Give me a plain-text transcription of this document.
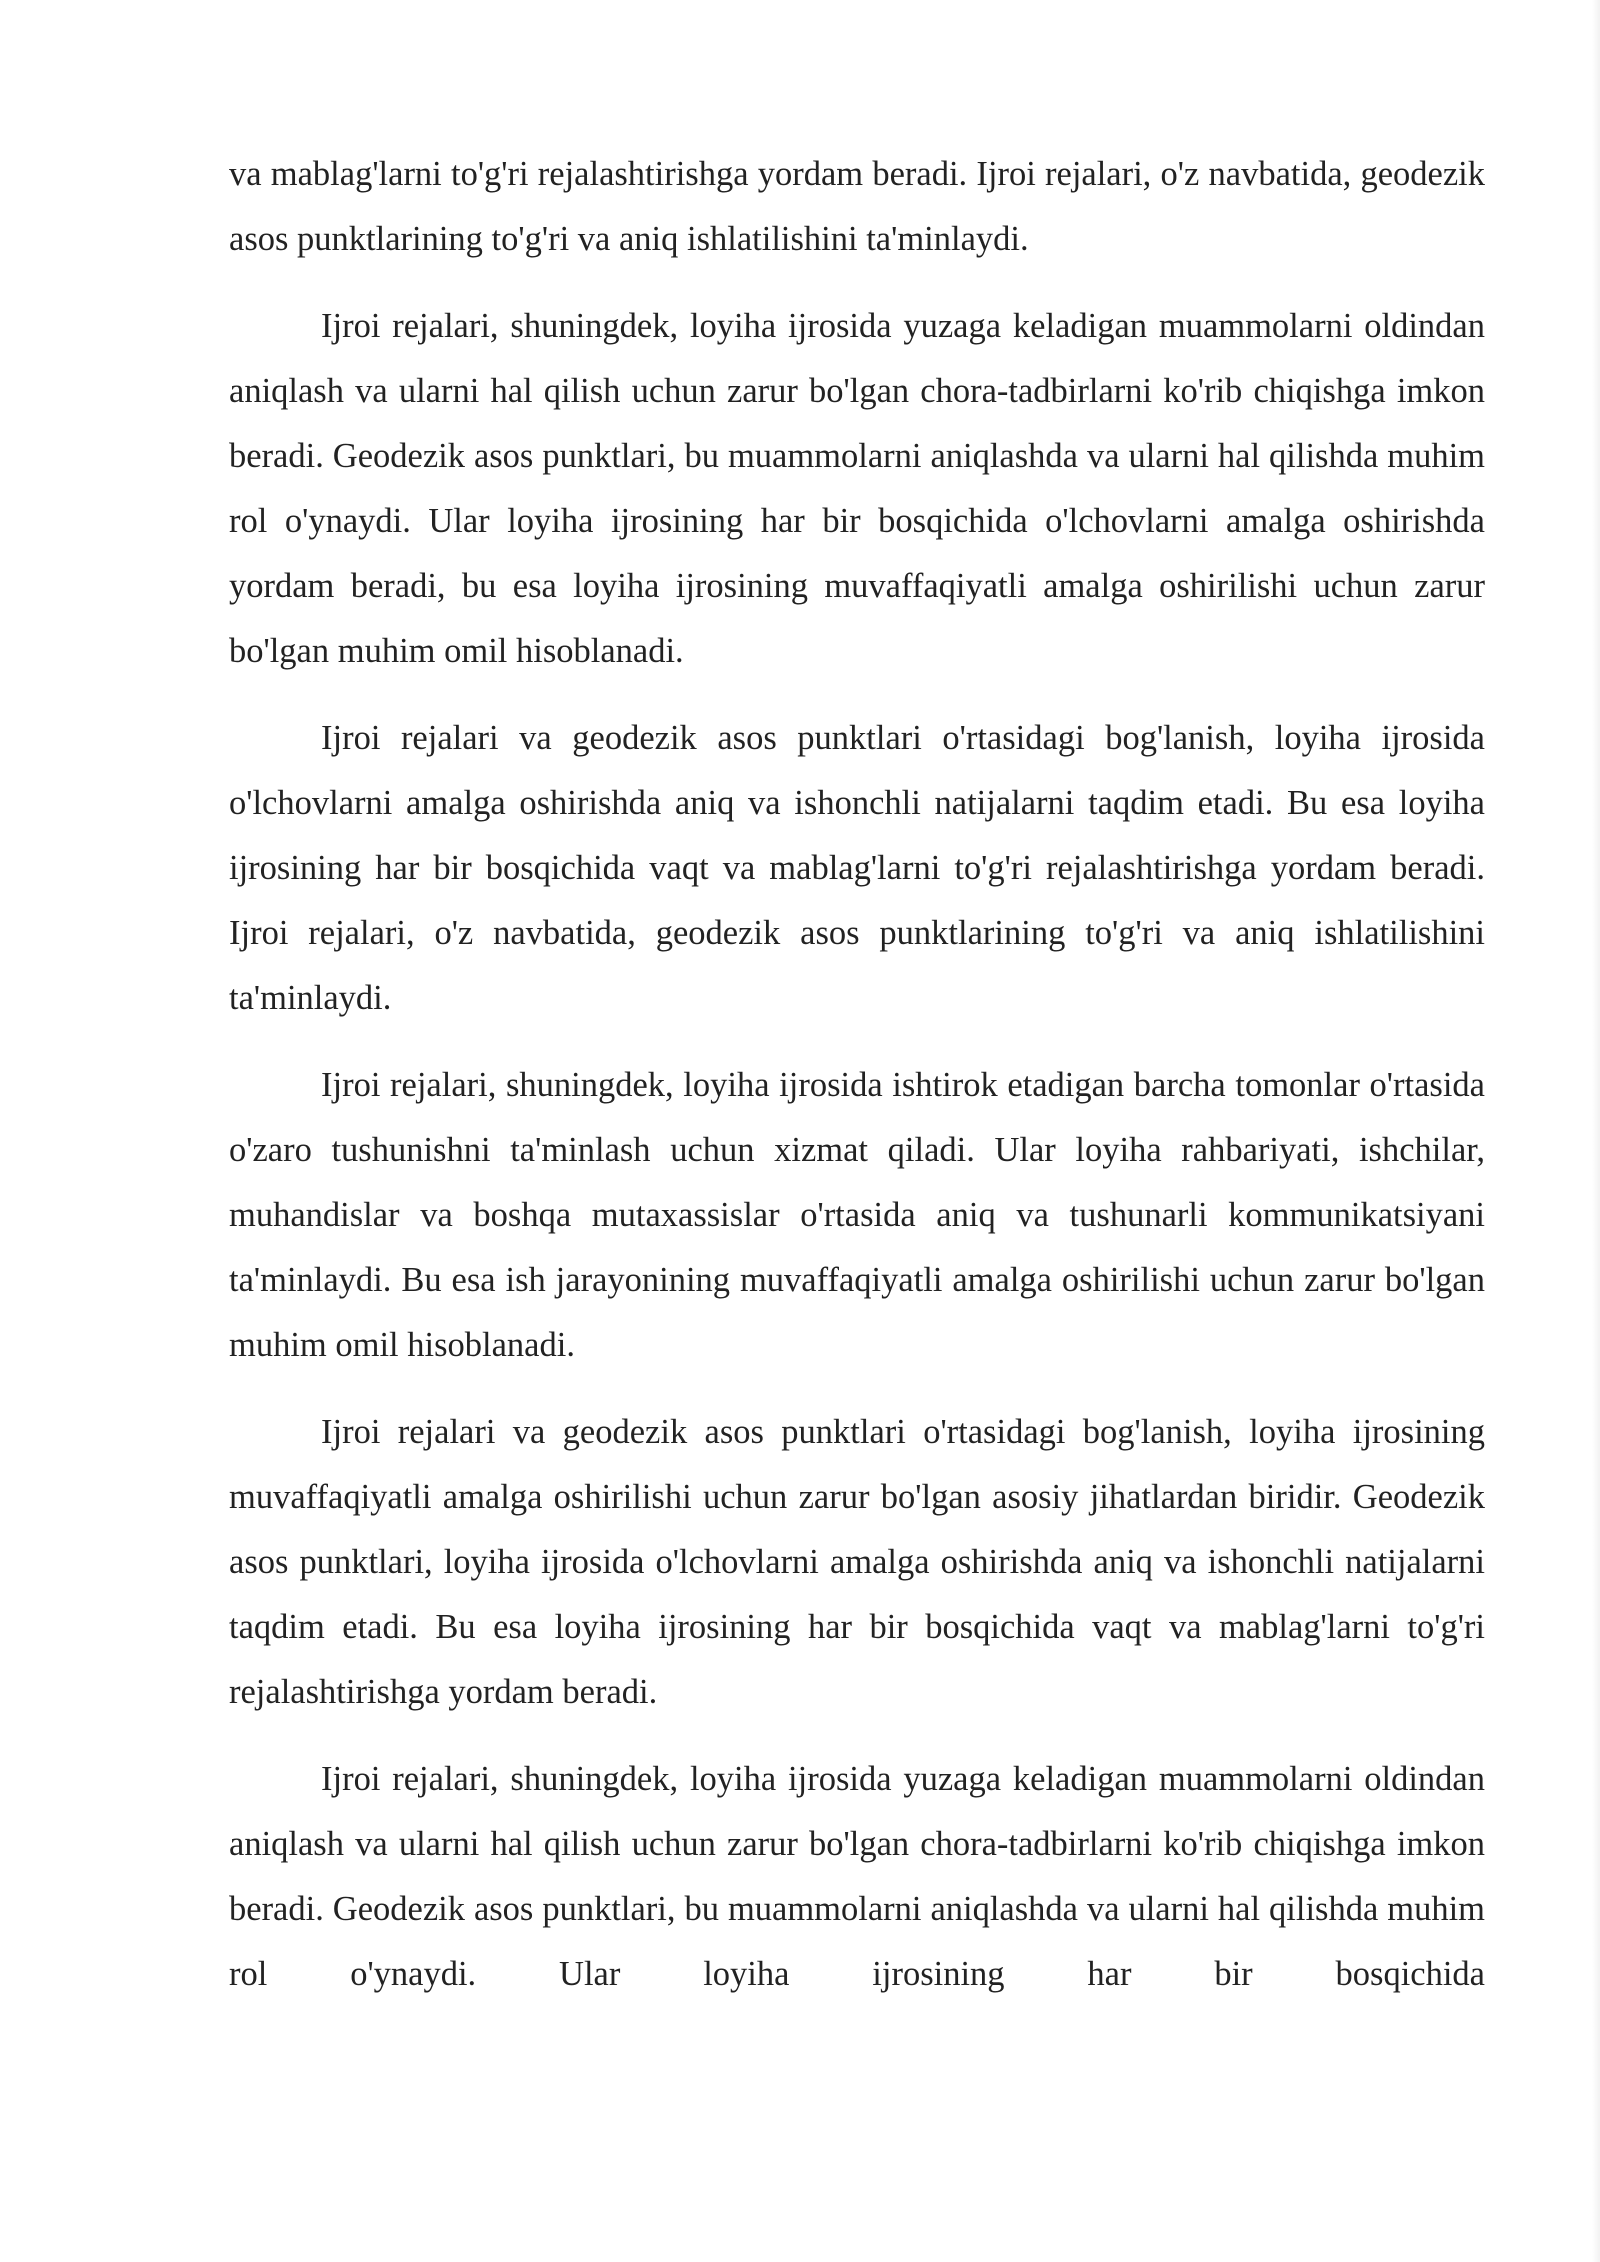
va mablag'larni to'g'ri rejalashtirishga yordam beradi. Ijroi rejalari, o'z navbatida, geodezik asos punktlarining to'g'ri va aniq ishlatilishini ta'minlaydi.

Ijroi rejalari, shuningdek, loyiha ijrosida yuzaga keladigan muammolarni oldindan aniqlash va ularni hal qilish uchun zarur bo'lgan chora-tadbirlarni ko'rib chiqishga imkon beradi. Geodezik asos punktlari, bu muammolarni aniqlashda va ularni hal qilishda muhim rol o'ynaydi. Ular loyiha ijrosining har bir bosqichida o'lchovlarni amalga oshirishda yordam beradi, bu esa loyiha ijrosining muvaffaqiyatli amalga oshirilishi uchun zarur bo'lgan muhim omil hisoblanadi.

Ijroi rejalari va geodezik asos punktlari o'rtasidagi bog'lanish, loyiha ijrosida o'lchovlarni amalga oshirishda aniq va ishonchli natijalarni taqdim etadi. Bu esa loyiha ijrosining har bir bosqichida vaqt va mablag'larni to'g'ri rejalashtirishga yordam beradi. Ijroi rejalari, o'z navbatida, geodezik asos punktlarining to'g'ri va aniq ishlatilishini ta'minlaydi.

Ijroi rejalari, shuningdek, loyiha ijrosida ishtirok etadigan barcha tomonlar o'rtasida o'zaro tushunishni ta'minlash uchun xizmat qiladi. Ular loyiha rahbariyati, ishchilar, muhandislar va boshqa mutaxassislar o'rtasida aniq va tushunarli kommunikatsiyani ta'minlaydi. Bu esa ish jarayonining muvaffaqiyatli amalga oshirilishi uchun zarur bo'lgan muhim omil hisoblanadi.

Ijroi rejalari va geodezik asos punktlari o'rtasidagi bog'lanish, loyiha ijrosining muvaffaqiyatli amalga oshirilishi uchun zarur bo'lgan asosiy jihatlardan biridir. Geodezik asos punktlari, loyiha ijrosida o'lchovlarni amalga oshirishda aniq va ishonchli natijalarni taqdim etadi. Bu esa loyiha ijrosining har bir bosqichida vaqt va mablag'larni to'g'ri rejalashtirishga yordam beradi.

Ijroi rejalari, shuningdek, loyiha ijrosida yuzaga keladigan muammolarni oldindan aniqlash va ularni hal qilish uchun zarur bo'lgan chora-tadbirlarni ko'rib chiqishga imkon beradi. Geodezik asos punktlari, bu muammolarni aniqlashda va ularni hal qilishda muhim rol o'ynaydi. Ular loyiha ijrosining har bir bosqichida
